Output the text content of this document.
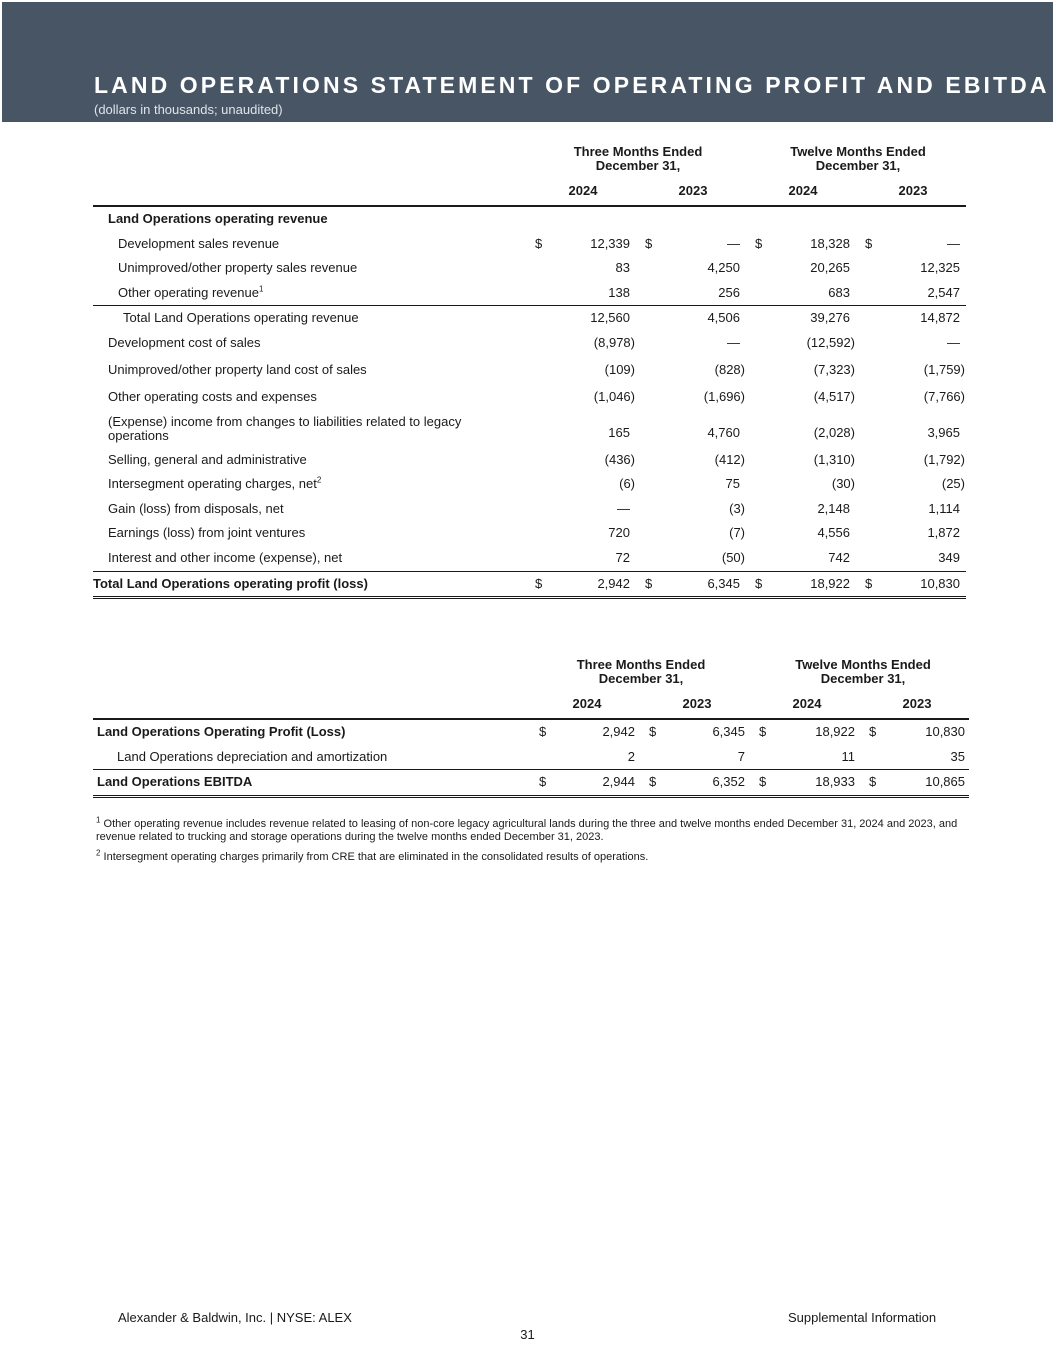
LAND OPERATIONS STATEMENT OF OPERATING PROFIT AND EBITDA
(dollars in thousands; unaudited)
Three Months Ended
December 31,
Twelve Months Ended
December 31,
2024	2023	2024	2023
Land Operations operating revenue
Development sales revenue	$	12,339 $	— $	18,328 $	—
Unimproved/other property sales revenue	83	4,250	20,265	12,325
Other operating revenue$^1$	138	256	683	2,547
Total Land Operations operating revenue	12,560	4,506	39,276	14,872
Development cost of sales	(8,978)	—	(12,592)	—
Unimproved/other property land cost of sales	(109)	(828)	(7,323)	(1,759)
Other operating costs and expenses	(1,046)	(1,696)	(4,517)	(7,766)
(Expense) income from changes to liabilities related to legacy
operations	165	4,760	(2,028)	3,965
Selling, general and administrative	(436)	(412)	(1,310)	(1,792)
Intersegment operating charges, net$^2$	(6)	75	(30)	(25)
Gain (loss) from disposals, net	—	(3)	2,148	1,114
Earnings (loss) from joint ventures	720	(7)	4,556	1,872
Interest and other income (expense), net	72	(50)	742	349
Total Land Operations operating profit (loss)	$	2,942 $	6,345 $	18,922 $	10,830
Three Months Ended
December 31,
Twelve Months Ended
December 31,
2024	2023	2024	2023
Land Operations Operating Profit (Loss)	$	2,942 $	6,345 $	18,922 $	10,830
Land Operations depreciation and amortization	2	7	11	35
Land Operations EBITDA	$	2,944 $	6,352 $	18,933 $	10,865
$^1$ Other operating revenue includes revenue related to leasing of non-core legacy agricultural lands during the three and twelve months ended December 31, 2024 and 2023, and revenue related to trucking and storage operations during the twelve months ended December 31, 2023.
$^2$ Intersegment operating charges primarily from CRE that are eliminated in the consolidated results of operations.
Alexander & Baldwin, Inc. | NYSE: ALEX	Supplemental Information
31
